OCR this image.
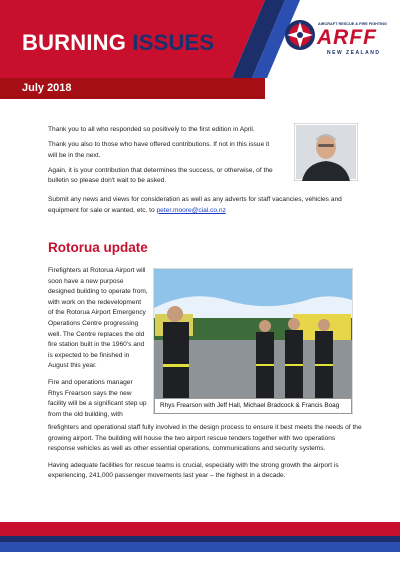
BURNING ISSUES
AIRCRAFT RESCUE & FIRE FIGHTING
ARFF
NEW ZEALAND
July 2018

Thank you to all who responded so positively to the first edition in April.

Thank you also to those who have offered contributions. If not in this issue it will be in the next.

Again, it is your contribution that determines the success, or otherwise, of the bulletin so please don't wait to be asked.

Submit any news and views for consideration as well as any adverts for staff vacancies, vehicles and equipment for sale or wanted, etc. to peter.moore@cial.co.nz

Rotorua update

Firefighters at Rotorua Airport will soon have a new purpose designed building to operate from, with work on the redevelopment of the Rotorua Airport Emergency Operations Centre progressing well. The Centre replaces the old fire station built in the 1960's and is expected to be finished in August this year.

Fire and operations manager Rhys Frearson says the new facility will be a significant step up from the old building, with

Rhys Frearson with Jeff Hall, Michael Bradcock & Francis Boag

firefighters and operational staff fully involved in the design process to ensure it best meets the needs of the growing airport. The building will house the two airport rescue tenders together with two operations response vehicles as well as other essential operations, communications and security systems.

Having adequate facilities for rescue teams is crucial, especially with the strong growth the airport is experiencing, 241,000 passenger movements last year – the highest in a decade.
